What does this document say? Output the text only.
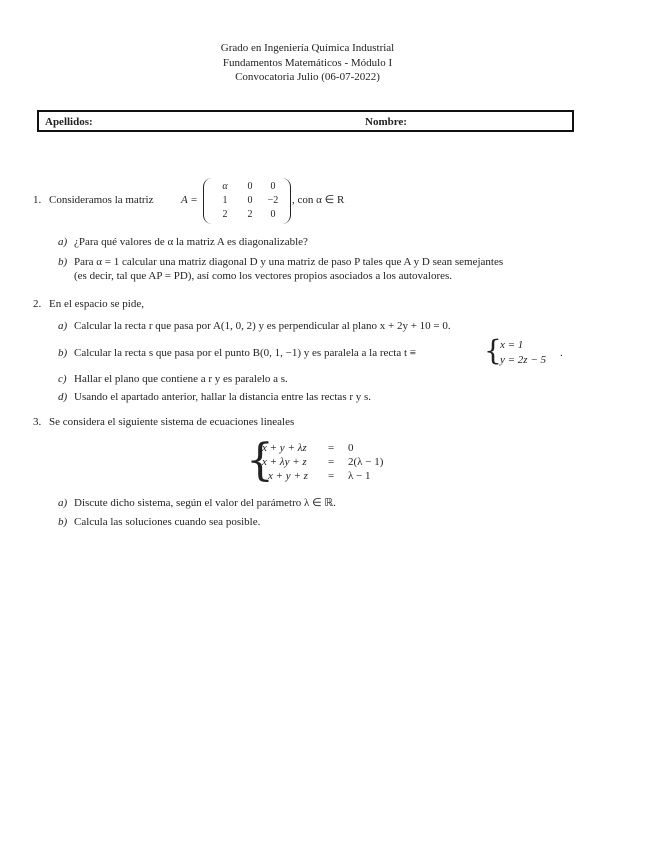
Grado en Ingeniería Química Industrial
Fundamentos Matemáticos - Módulo I
Convocatoria Julio (06-07-2022)
Apellidos:	Nombre:
1. Consideramos la matriz	A =
α	0	0
1	0	−2
2	2	0
, con α ∈ R
a) ¿Para qué valores de α la matriz A es diagonalizable?
b) Para α = 1 calcular una matriz diagonal D y una matriz de paso P tales que A y D sean semejantes
(es decir, tal que AP = PD), así como los vectores propios asociados a los autovalores.
2. En el espacio se pide,
a) Calcular la recta r que pasa por A(1, 0, 2) y es perpendicular al plano x + 2y + 10 = 0.
b) Calcular la recta s que pasa por el punto B(0, 1, −1) y es paralela a la recta t ≡ {
x = 1
y = 2z − 5
.
c) Hallar el plano que contiene a r y es paralelo a s.
d) Usando el apartado anterior, hallar la distancia entre las rectas r y s.
3. Se considera el siguiente sistema de ecuaciones lineales
{
x + y + λz = 0
x + λy + z = 2(λ − 1)
x + y + z = λ − 1
a) Discute dicho sistema, según el valor del parámetro λ ∈ ℝ.
b) Calcula las soluciones cuando sea posible.
